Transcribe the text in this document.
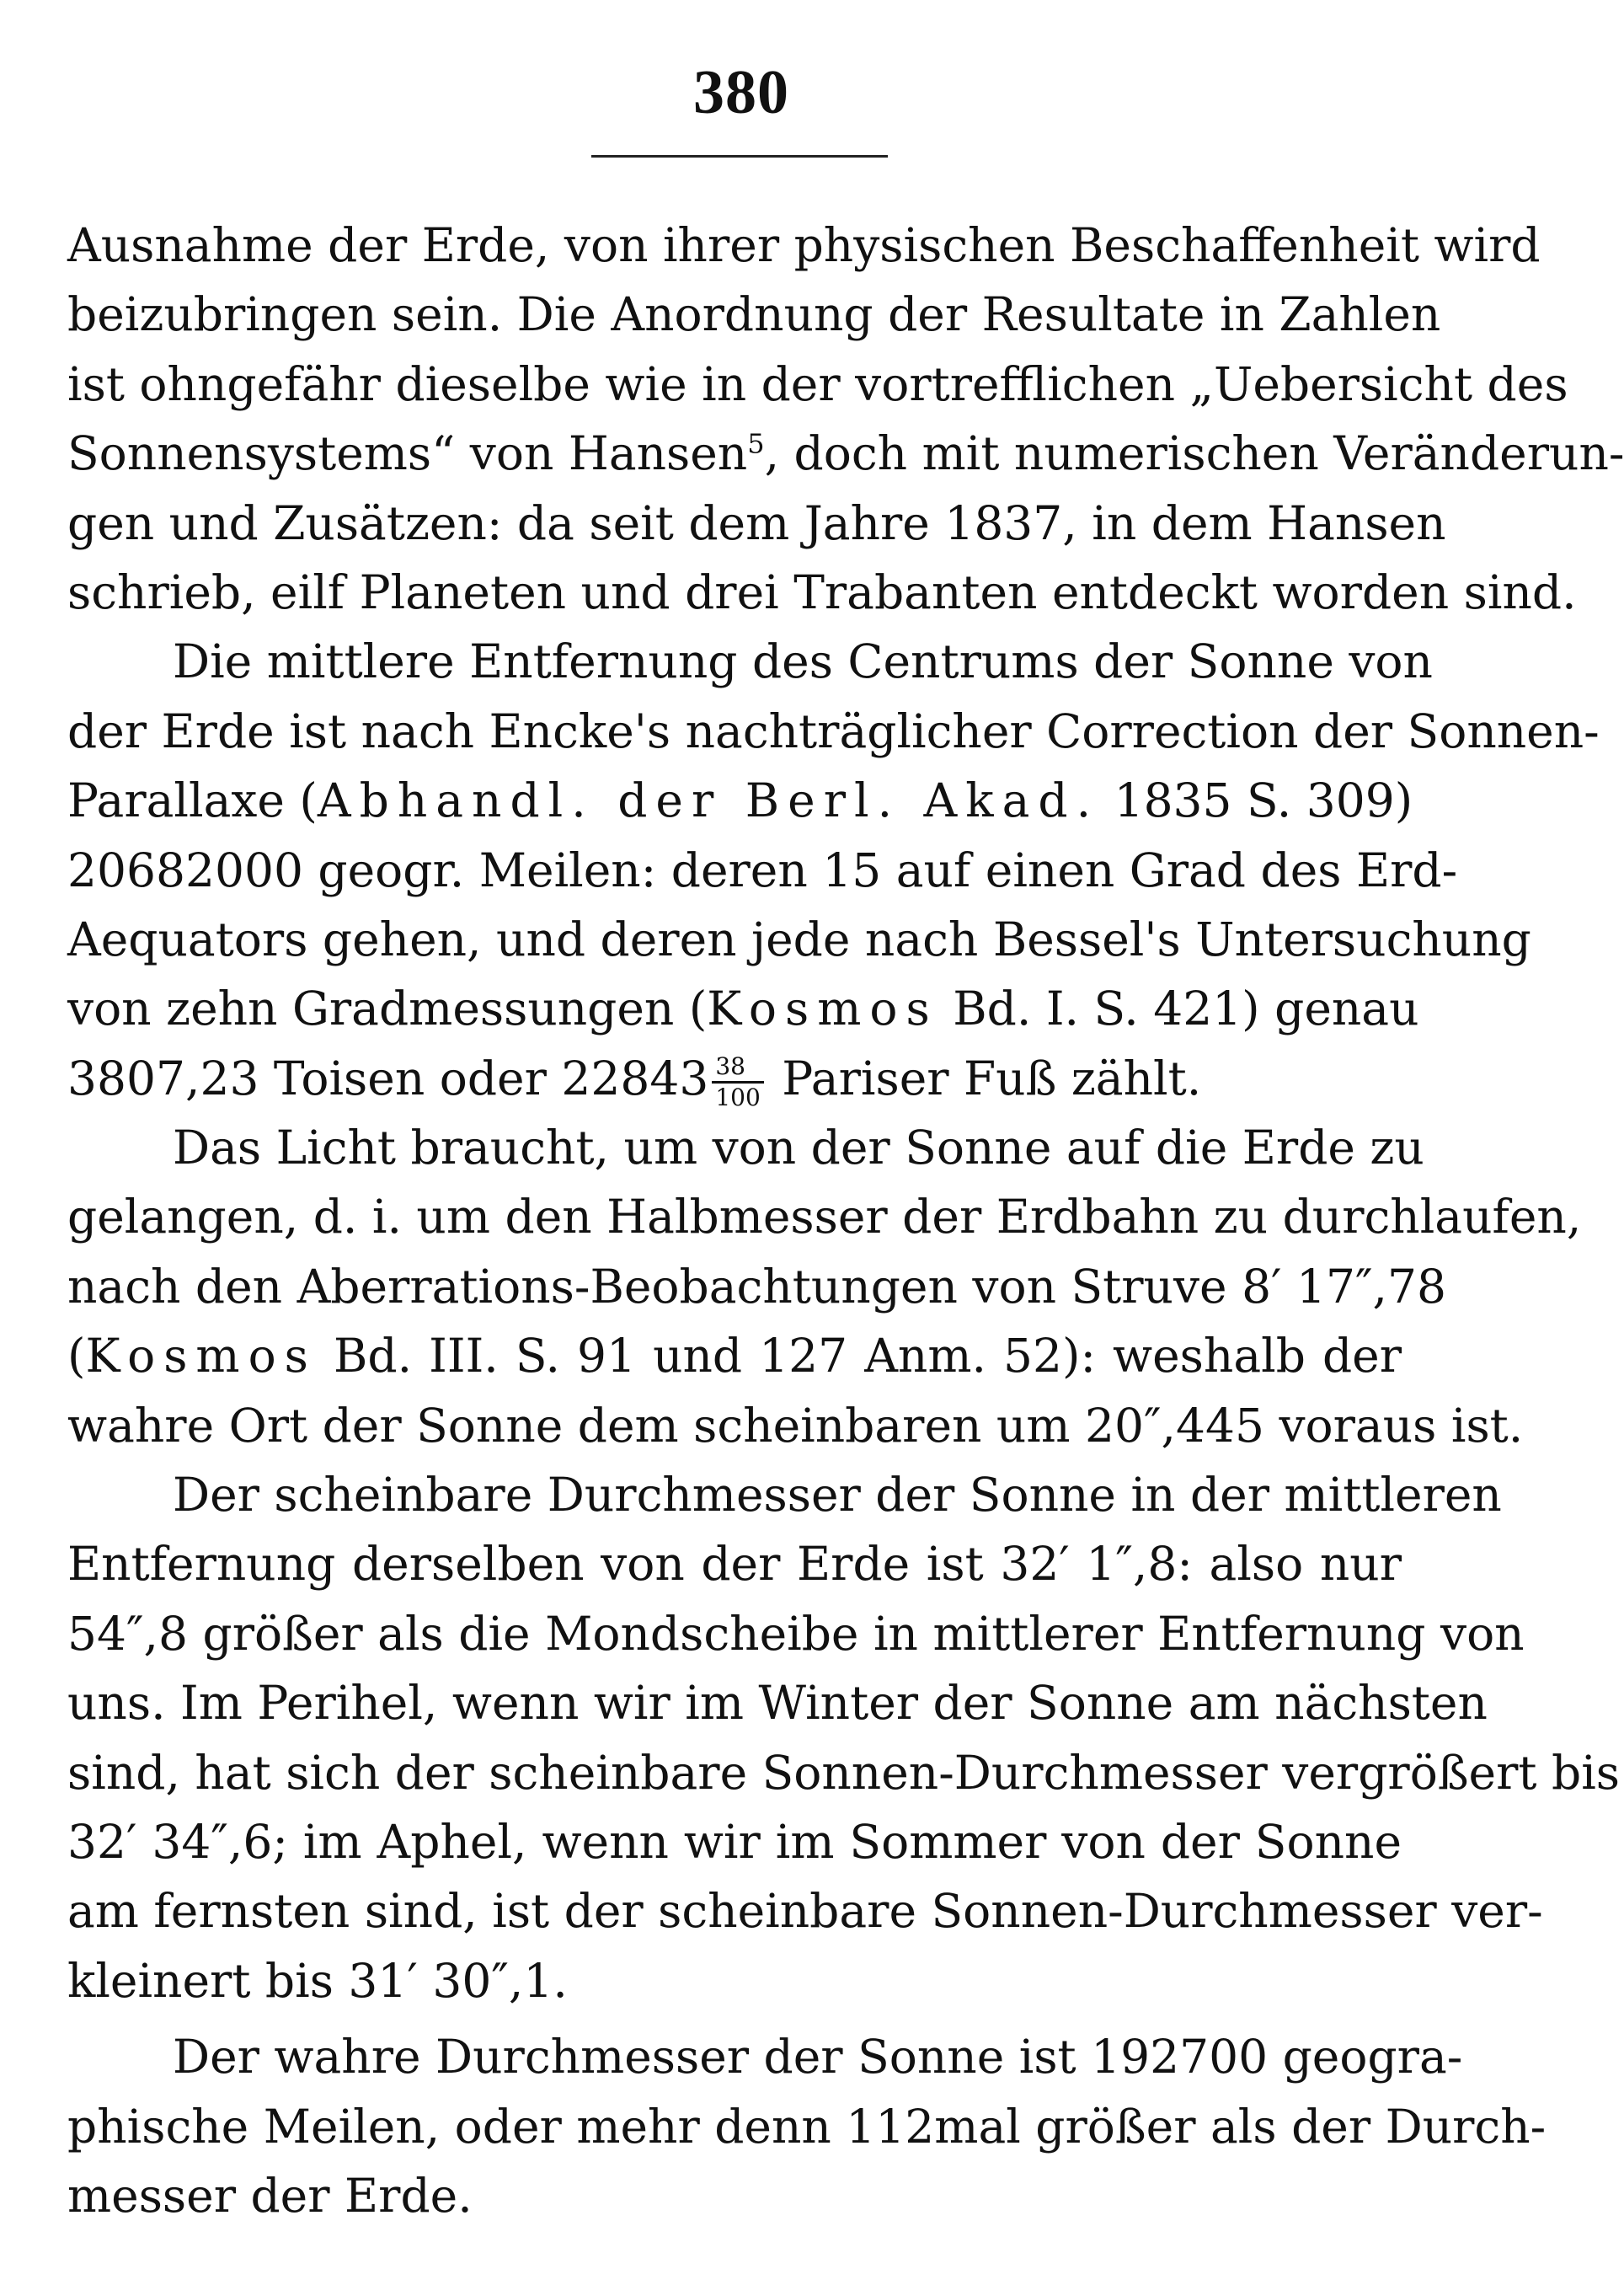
380
Ausnahme der Erde, von ihrer physischen Beschaffenheit wird
beizubringen sein. Die Anordnung der Resultate in Zahlen
ist ohngefähr dieselbe wie in der vortrefflichen „Uebersicht des
Sonnensystems“ von Hansen$^5$, doch mit numerischen Veränderun-
gen und Zusätzen: da seit dem Jahre 1837, in dem Hansen
schrieb, eilf Planeten und drei Trabanten entdeckt worden sind.
Die mittlere Entfernung des Centrums der Sonne von
der Erde ist nach Encke's nachträglicher Correction der Sonnen-
Parallaxe (Abhandl. der Berl. Akad. 1835 S. 309)
20682000 geogr. Meilen: deren 15 auf einen Grad des Erd-
Aequators gehen, und deren jede nach Bessel's Untersuchung
von zehn Gradmessungen (Kosmos Bd. I. S. 421) genau
3807,23 Toisen oder $22843 \frac{38}{100}$ Pariser Fuß zählt.
Das Licht braucht, um von der Sonne auf die Erde zu
gelangen, d. i. um den Halbmesser der Erdbahn zu durchlaufen,
nach den Aberrations-Beobachtungen von Struve 8′ 17″,78
(Kosmos Bd. III. S. 91 und 127 Anm. 52): weshalb der
wahre Ort der Sonne dem scheinbaren um 20″,445 voraus ist.
Der scheinbare Durchmesser der Sonne in der mittleren
Entfernung derselben von der Erde ist 32′ 1″,8: also nur
54″,8 größer als die Mondscheibe in mittlerer Entfernung von
uns. Im Perihel, wenn wir im Winter der Sonne am nächsten
sind, hat sich der scheinbare Sonnen-Durchmesser vergrößert bis
32′ 34″,6; im Aphel, wenn wir im Sommer von der Sonne
am fernsten sind, ist der scheinbare Sonnen-Durchmesser ver-
kleinert bis 31′ 30″,1.
Der wahre Durchmesser der Sonne ist 192700 geogra-
phische Meilen, oder mehr denn 112mal größer als der Durch-
messer der Erde.
